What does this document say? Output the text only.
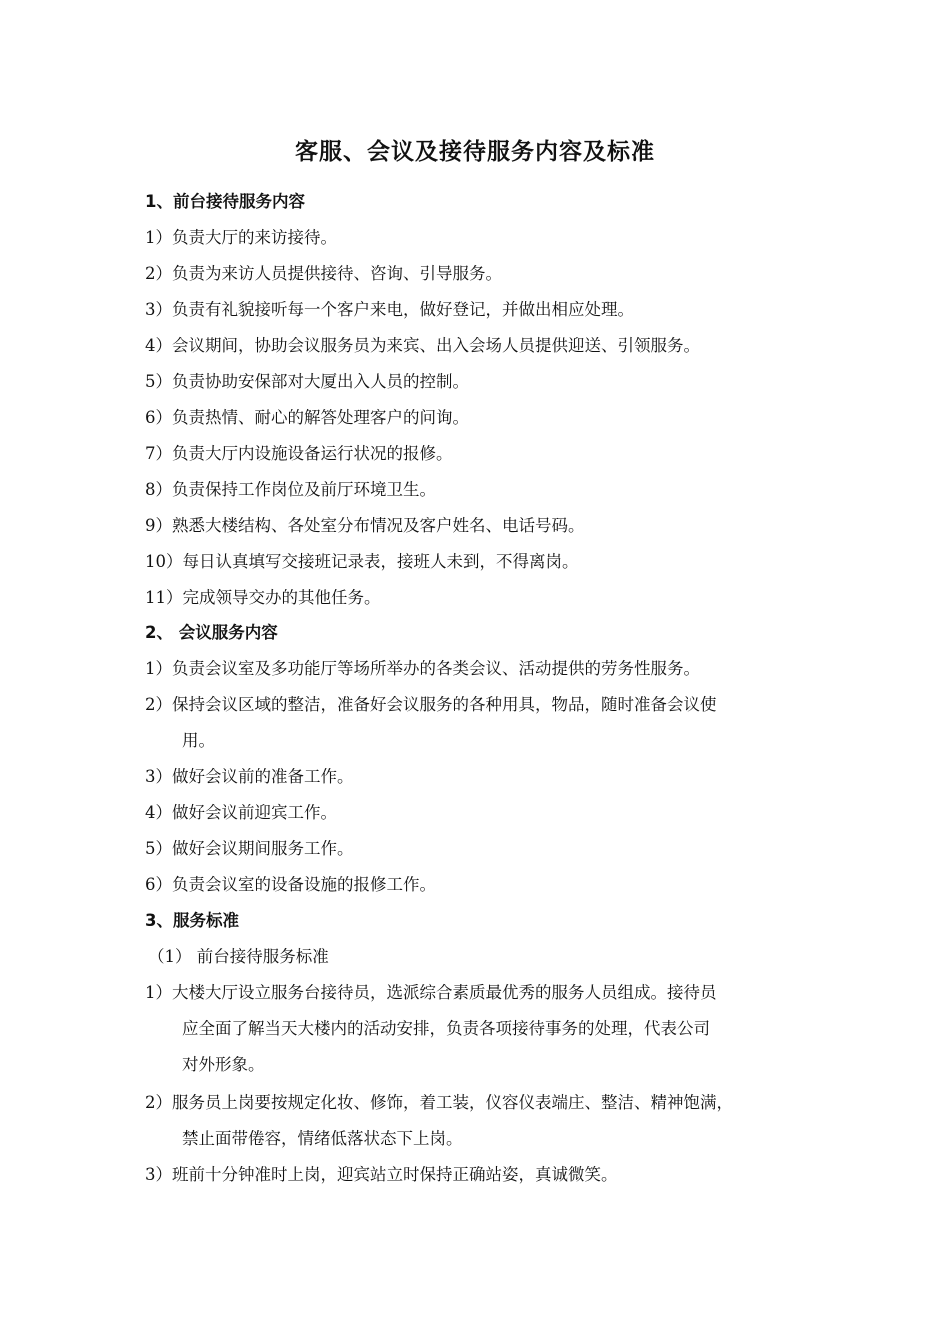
客服、会议及接待服务内容及标准
1、前台接待服务内容
1）负责大厅的来访接待。
2）负责为来访人员提供接待、咨询、引导服务。
3）负责有礼貌接听每一个客户来电，做好登记，并做出相应处理。
4）会议期间，协助会议服务员为来宾、出入会场人员提供迎送、引领服务。
5）负责协助安保部对大厦出入人员的控制。
6）负责热情、耐心的解答处理客户的问询。
7）负责大厅内设施设备运行状况的报修。
8）负责保持工作岗位及前厅环境卫生。
9）熟悉大楼结构、各处室分布情况及客户姓名、电话号码。
10）每日认真填写交接班记录表，接班人未到，不得离岗。
11）完成领导交办的其他任务。
2、 会议服务内容
1）负责会议室及多功能厅等场所举办的各类会议、活动提供的劳务性服务。
2）保持会议区域的整洁，准备好会议服务的各种用具，物品，随时准备会议使
用。
3）做好会议前的准备工作。
4）做好会议前迎宾工作。
5）做好会议期间服务工作。
6）负责会议室的设备设施的报修工作。
3、服务标准
（1） 前台接待服务标准
1）大楼大厅设立服务台接待员，选派综合素质最优秀的服务人员组成。接待员
应全面了解当天大楼内的活动安排，负责各项接待事务的处理，代表公司
对外形象。
2）服务员上岗要按规定化妆、修饰，着工装，仪容仪表端庄、整洁、精神饱满，
禁止面带倦容，情绪低落状态下上岗。
3）班前十分钟准时上岗，迎宾站立时保持正确站姿，真诚微笑。
